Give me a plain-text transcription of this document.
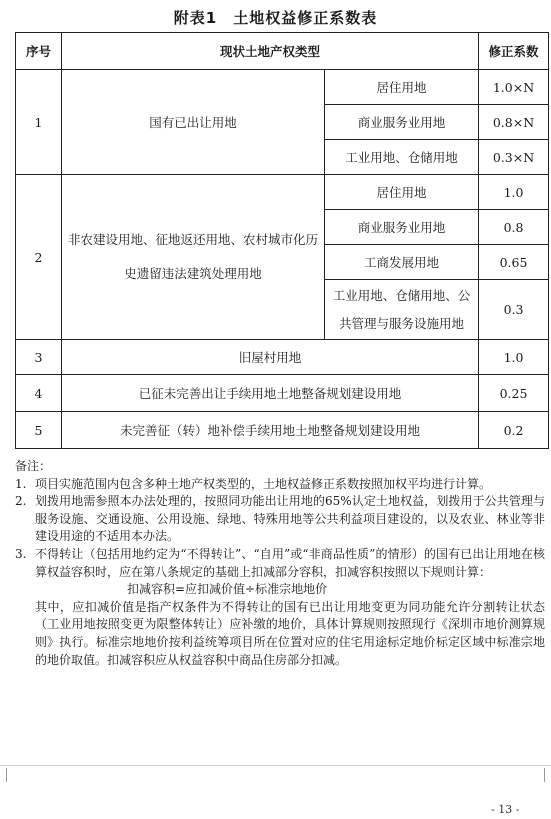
附表1　土地权益修正系数表
序号	现状土地产权类型		修正系数
1	国有已出让用地	居住用地	1.0×N
		商业服务业用地	0.8×N
		工业用地、仓储用地	0.3×N
2	非农建设用地、征地返还用地、农村城市化历史遗留违法建筑处理用地	居住用地	1.0
		商业服务业用地	0.8
		工商发展用地	0.65
		工业用地、仓储用地、公共管理与服务设施用地	0.3
3	旧屋村用地		1.0
4	已征未完善出让手续用地土地整备规划建设用地		0.25
5	未完善征（转）地补偿手续用地土地整备规划建设用地		0.2

备注：

1. 项目实施范围内包含多种土地产权类型的，土地权益修正系数按照加权平均进行计算。
2. 划拨用地需参照本办法处理的，按照同功能出让用地的65%认定土地权益，划拨用于公共管理与服务设施、交通设施、公用设施、绿地、特殊用地等公共利益项目建设的，以及农业、林业等非建设用途的不适用本办法。
3. 不得转让（包括用地约定为“不得转让”、“自用”或“非商品性质”的情形）的国有已出让用地在核算权益容积时，应在第八条规定的基础上扣减部分容积，扣减容积按照以下规则计算：

扣减容积=应扣减价值÷标准宗地地价

其中，应扣减价值是指产权条件为不得转让的国有已出让用地变更为同功能允许分割转让状态（工业用地按照变更为限整体转让）应补缴的地价，具体计算规则按照现行《深圳市地价测算规则》执行。标准宗地地价按利益统筹项目所在位置对应的住宅用途标定地价标定区域中标准宗地的地价取值。扣减容积应从权益容积中商品住房部分扣减。

- 13 -
